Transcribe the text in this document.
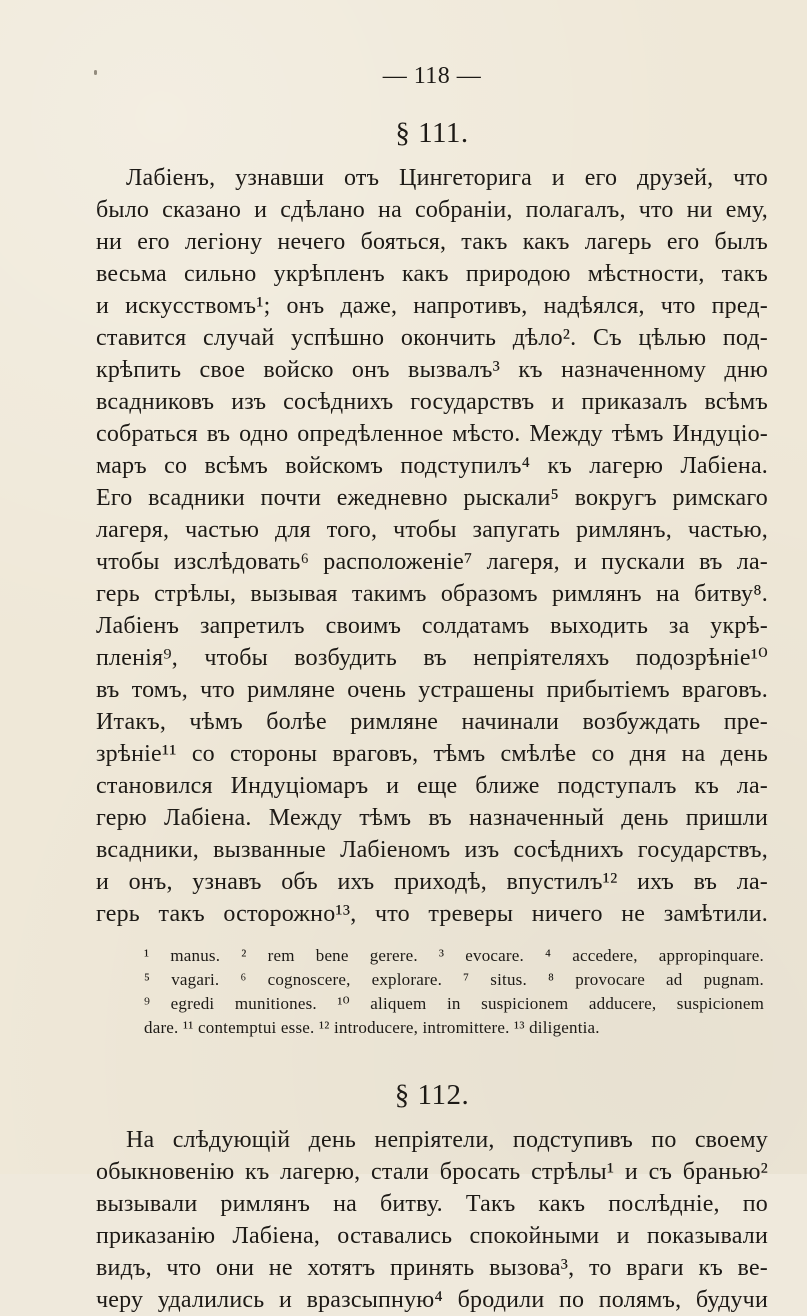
— 118 —
§ 111.
Лабіенъ, узнавши отъ Цингеторига и его друзей, что
было сказано и сдѣлано на собраніи, полагалъ, что ни ему,
ни его легіону нечего бояться, такъ какъ лагерь его былъ
весьма сильно укрѣпленъ какъ природою мѣстности, такъ
и искусствомъ¹; онъ даже, напротивъ, надѣялся, что пред-
ставится случай успѣшно окончить дѣло². Съ цѣлью под-
крѣпить свое войско онъ вызвалъ³ къ назначенному дню
всадниковъ изъ сосѣднихъ государствъ и приказалъ всѣмъ
собраться въ одно опредѣленное мѣсто. Между тѣмъ Индуціо-
маръ со всѣмъ войскомъ подступилъ⁴ къ лагерю Лабіена.
Его всадники почти ежедневно рыскали⁵ вокругъ римскаго
лагеря, частью для того, чтобы запугать римлянъ, частью,
чтобы изслѣдовать⁶ расположеніе⁷ лагеря, и пускали въ ла-
герь стрѣлы, вызывая такимъ образомъ римлянъ на битву⁸.
Лабіенъ запретилъ своимъ солдатамъ выходить за укрѣ-
пленія⁹, чтобы возбудить въ непріятеляхъ подозрѣніе¹⁰
въ томъ, что римляне очень устрашены прибытіемъ враговъ.
Итакъ, чѣмъ болѣе римляне начинали возбуждать пре-
зрѣніе¹¹ со стороны враговъ, тѣмъ смѣлѣе со дня на день
становился Индуціомаръ и еще ближе подступалъ къ ла-
герю Лабіена. Между тѣмъ въ назначенный день пришли
всадники, вызванные Лабіеномъ изъ сосѣднихъ государствъ,
и онъ, узнавъ объ ихъ приходѣ, впустилъ¹² ихъ въ ла-
герь такъ осторожно¹³, что треверы ничего не замѣтили.
¹ manus. ² rem bene gerere. ³ evocare. ⁴ accedere, appropinquare.
⁵ vagari. ⁶ cognoscere, explorare. ⁷ situs. ⁸ provocare ad pugnam.
⁹ egredi munitiones. ¹⁰ aliquem in suspicionem adducere, suspicionem
dare. ¹¹ contemptui esse. ¹² introducere, intromittere. ¹³ diligentia.
§ 112.
На слѣдующій день непріятели, подступивъ по своему
обыкновенію къ лагерю, стали бросать стрѣлы¹ и съ бранью²
вызывали римлянъ на битву. Такъ какъ послѣдніе, по
приказанію Лабіена, оставались спокойными и показывали
видъ, что они не хотятъ принять вызова³, то враги къ ве-
черу удалились и вразсыпную⁴ бродили по полямъ, будучи
